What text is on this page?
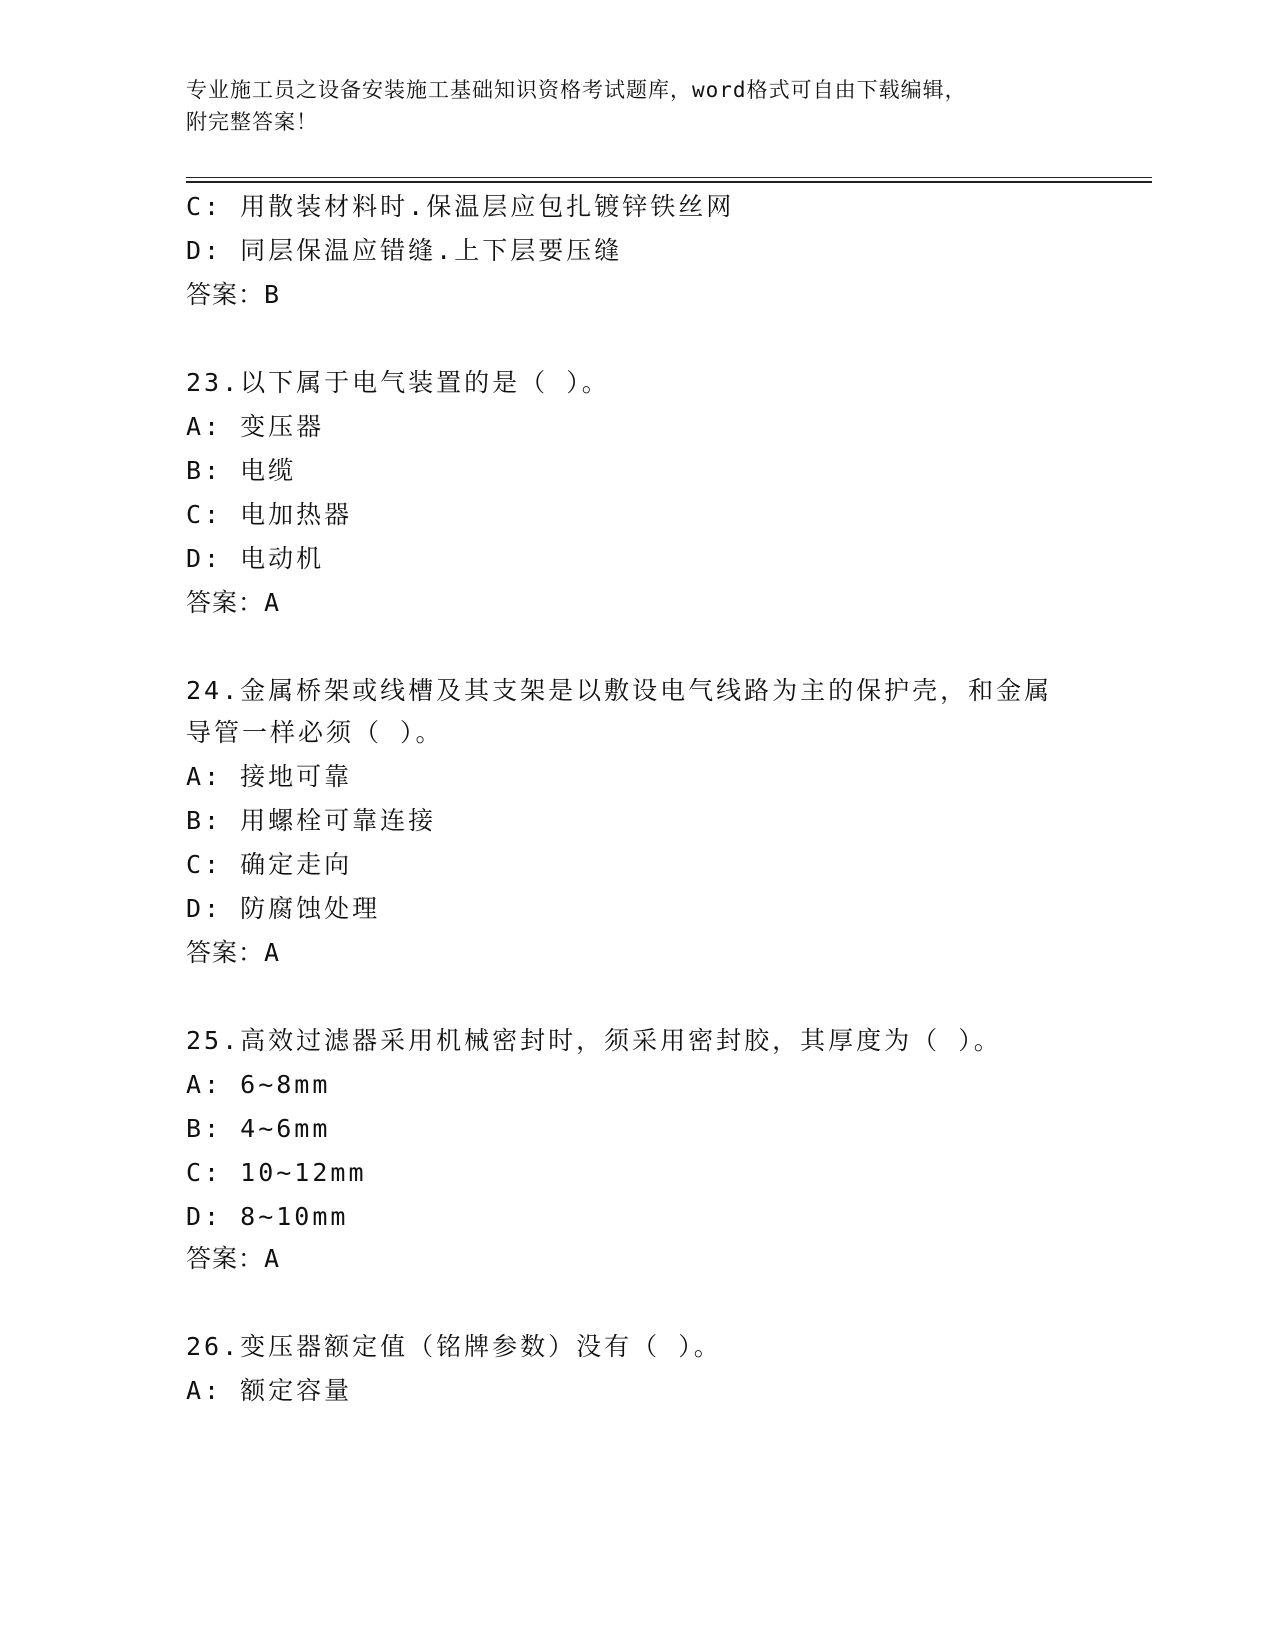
专业施工员之设备安装施工基础知识资格考试题库，word格式可自由下载编辑，
附完整答案！
C: 用散装材料时.保温层应包扎镀锌铁丝网
D: 同层保温应错缝.上下层要压缝
答案：B
23.以下属于电气装置的是（ ）。
A: 变压器
B: 电缆
C: 电加热器
D: 电动机
答案：A
24.金属桥架或线槽及其支架是以敷设电气线路为主的保护壳，和金属
导管一样必须（ ）。
A: 接地可靠
B: 用螺栓可靠连接
C: 确定走向
D: 防腐蚀处理
答案：A
25.高效过滤器采用机械密封时，须采用密封胶，其厚度为（ ）。
A: 6~8mm
B: 4~6mm
C: 10~12mm
D: 8~10mm
答案：A
26.变压器额定值（铭牌参数）没有（ ）。
A: 额定容量
